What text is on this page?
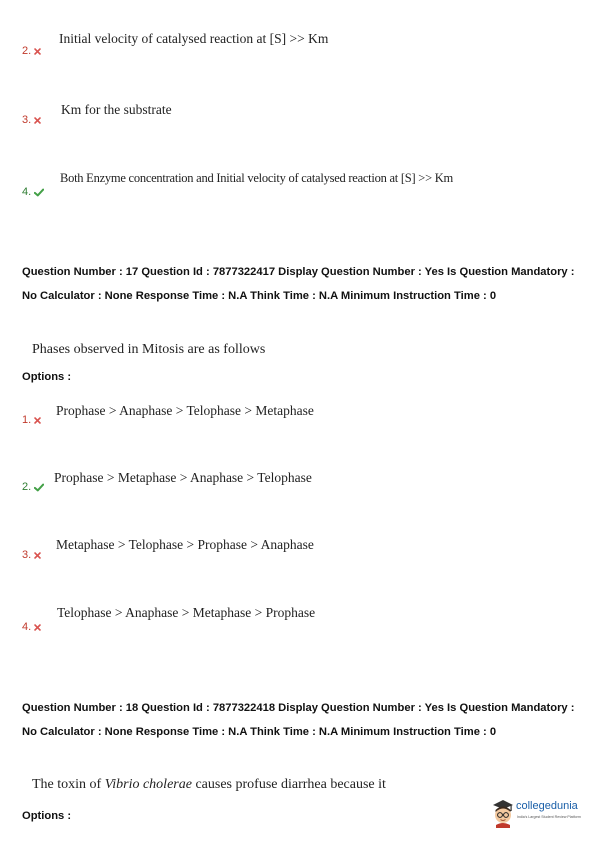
Initial velocity of catalysed reaction at [S] >> Km
2.
Km for the substrate
3.
Both Enzyme concentration and Initial velocity of catalysed reaction at [S] >> Km
4.
Question Number : 17 Question Id : 7877322417 Display Question Number : Yes Is Question Mandatory : No Calculator : None Response Time : N.A Think Time : N.A Minimum Instruction Time : 0
Phases observed in Mitosis are as follows
Options :
Prophase > Anaphase > Telophase > Metaphase
1.
Prophase > Metaphase > Anaphase > Telophase
2.
Metaphase > Telophase > Prophase > Anaphase
3.
Telophase > Anaphase > Metaphase > Prophase
4.
Question Number : 18 Question Id : 7877322418 Display Question Number : Yes Is Question Mandatory : No Calculator : None Response Time : N.A Think Time : N.A Minimum Instruction Time : 0
The toxin of Vibrio cholerae causes profuse diarrhea because it
Options :
collegedunia
India's Largest Student Review Platform
